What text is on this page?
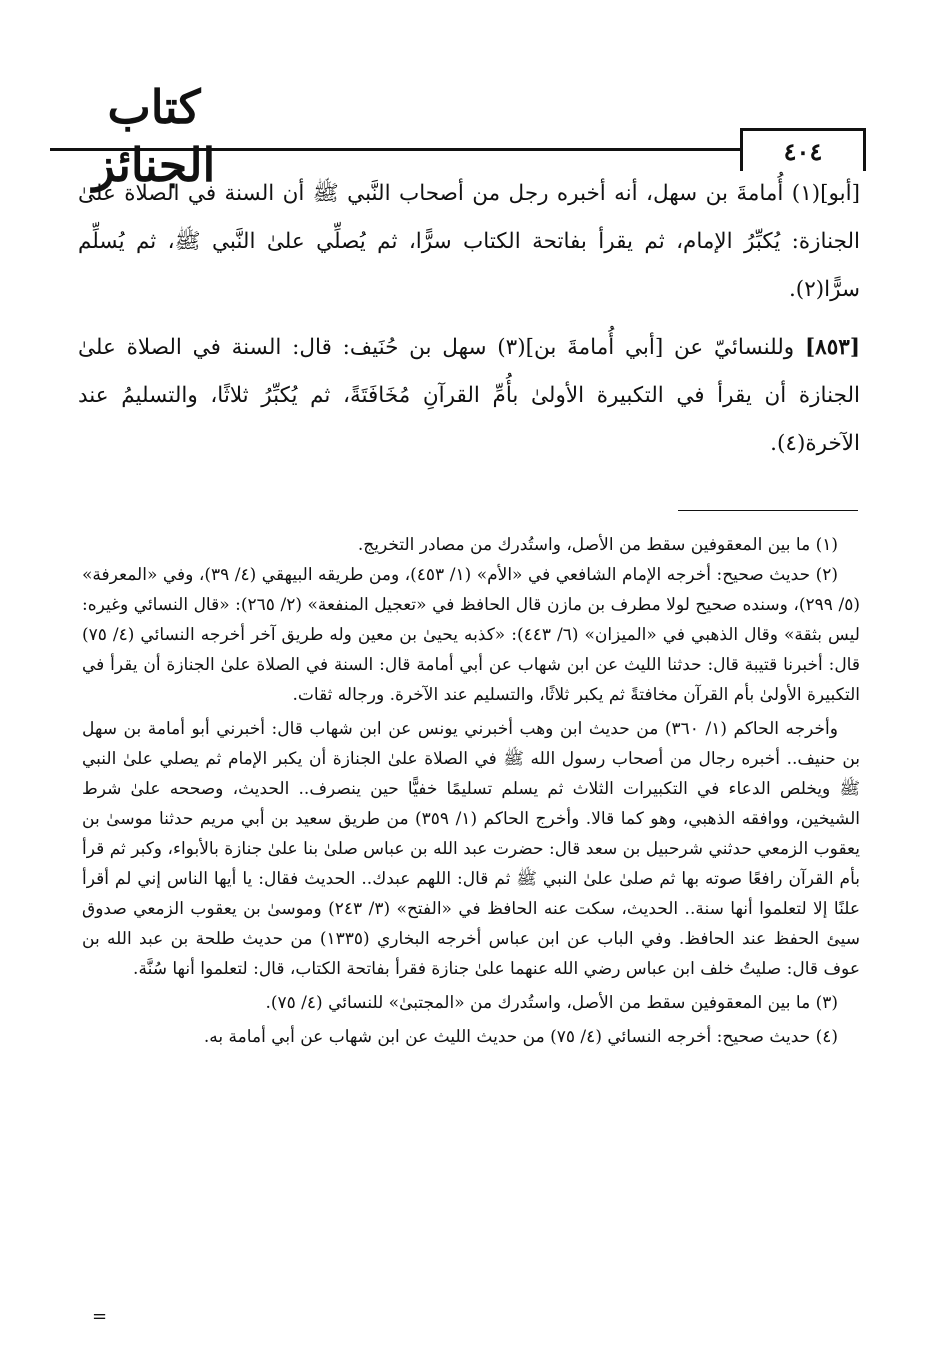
كتاب الجنائز	٤٠٤

[أبو](١) أُمامةَ بن سهل، أنه أخبره رجل من أصحاب النَّبي ﷺ أن السنة في الصلاة علىٰ الجنازة: يُكبِّرُ الإمام، ثم يقرأ بفاتحة الكتاب سرًّا، ثم يُصلِّي علىٰ النَّبي ﷺ، ثم يُسلِّم سرًّا(٢).

[٨٥٣] وللنسائيّ عن [أبي أُمامةَ بن](٣) سهل بن حُنَيف: قال: السنة في الصلاة علىٰ الجنازة أن يقرأ في التكبيرة الأولىٰ بأُمِّ القرآنِ مُخَافَتَةً، ثم يُكبِّرُ ثلاثًا، والتسليمُ عند الآخرة(٤).

(١) ما بين المعقوفين سقط من الأصل، واستُدرك من مصادر التخريج.

(٢) حديث صحيح: أخرجه الإمام الشافعي في «الأم» (١/ ٤٥٣)، ومن طريقه البيهقي (٤/ ٣٩)، وفي «المعرفة» (٥/ ٢٩٩)، وسنده صحيح لولا مطرف بن مازن قال الحافظ في «تعجيل المنفعة» (٢/ ٢٦٥): «قال النسائي وغيره: ليس بثقة» وقال الذهبي في «الميزان» (٦/ ٤٤٣): «كذبه يحيىٰ بن معين وله طريق آخر أخرجه النسائي (٤/ ٧٥) قال: أخبرنا قتيبة قال: حدثنا الليث عن ابن شهاب عن أبي أمامة قال: السنة في الصلاة علىٰ الجنازة أن يقرأ في التكبيرة الأولىٰ بأم القرآن مخافتةً ثم يكبر ثلاثًا، والتسليم عند الآخرة. ورجاله ثقات.

وأخرجه الحاكم (١/ ٣٦٠) من حديث ابن وهب أخبرني يونس عن ابن شهاب قال: أخبرني أبو أمامة بن سهل بن حنيف.. أخبره رجال من أصحاب رسول الله ﷺ في الصلاة علىٰ الجنازة أن يكبر الإمام ثم يصلي علىٰ النبي ﷺ ويخلص الدعاء في التكبيرات الثلاث ثم يسلم تسليمًا خفيًّا حين ينصرف.. الحديث، وصححه علىٰ شرط الشيخين، ووافقه الذهبي، وهو كما قالا. وأخرج الحاكم (١/ ٣٥٩) من طريق سعيد بن أبي مريم حدثنا موسىٰ بن يعقوب الزمعي حدثني شرحبيل بن سعد قال: حضرت عبد الله بن عباس صلىٰ بنا علىٰ جنازة بالأبواء، وكبر ثم قرأ بأم القرآن رافعًا صوته بها ثم صلىٰ علىٰ النبي ﷺ ثم قال: اللهم عبدك.. الحديث فقال: يا أيها الناس إني لم أقرأ علنًا إلا لتعلموا أنها سنة.. الحديث، سكت عنه الحافظ في «الفتح» (٣/ ٢٤٣) وموسىٰ بن يعقوب الزمعي صدوق سيئ الحفظ عند الحافظ. وفي الباب عن ابن عباس أخرجه البخاري (١٣٣٥) من حديث طلحة بن عبد الله بن عوف قال: صليتُ خلف ابن عباس رضي الله عنهما علىٰ جنازة فقرأ بفاتحة الكتاب، قال: لتعلموا أنها سُنَّة.

(٣) ما بين المعقوفين سقط من الأصل، واستُدرك من «المجتبىٰ» للنسائي (٤/ ٧٥).

(٤) حديث صحيح: أخرجه النسائي (٤/ ٧٥) من حديث الليث عن ابن شهاب عن أبي أمامة به.

=
